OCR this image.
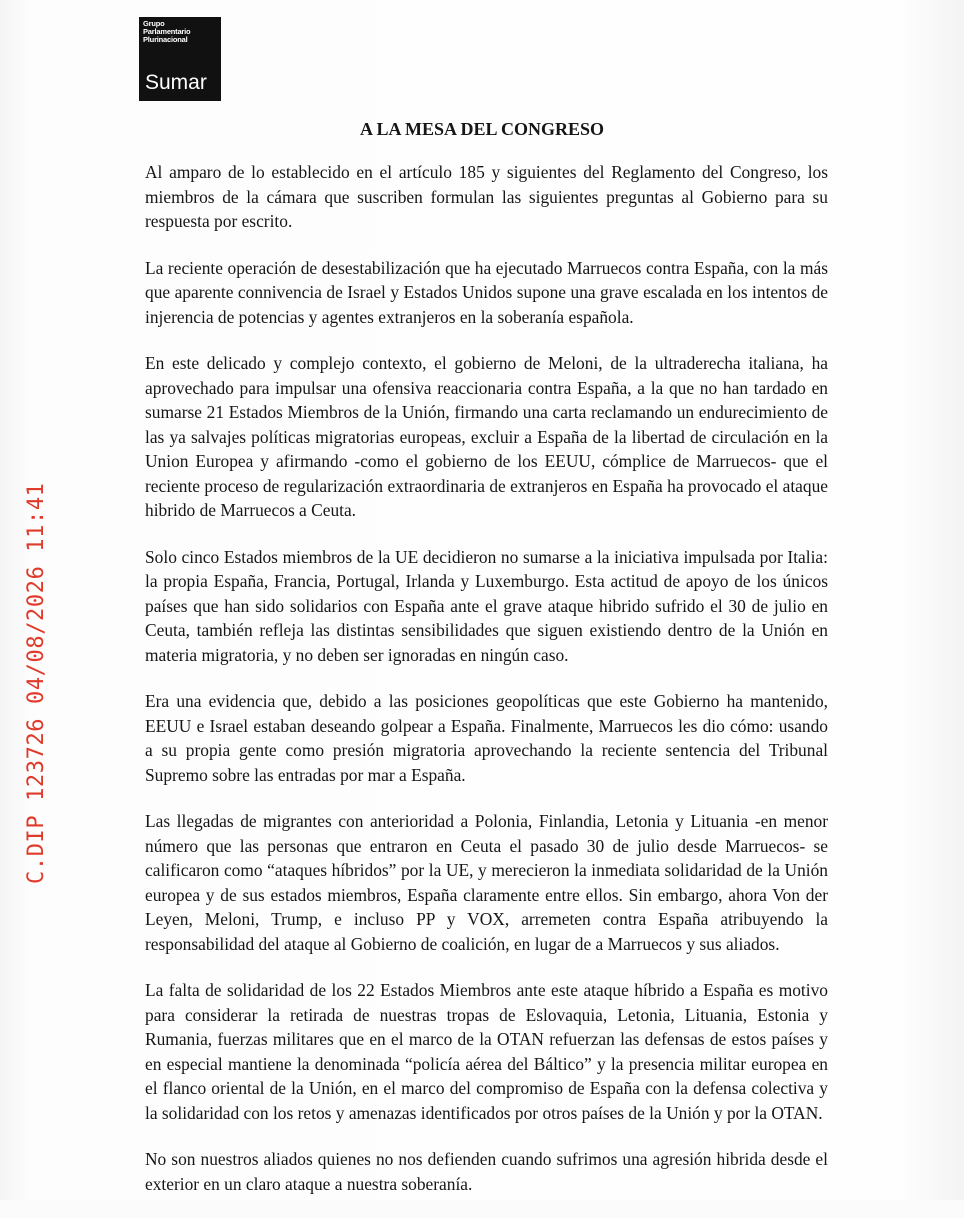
Grupo
Parlamentario
Plurinacional
Sumar
C.DIP 123726 04/08/2026 11:41
A LA MESA DEL CONGRESO

Al amparo de lo establecido en el artículo 185 y siguientes del Reglamento del Congreso, los miembros de la cámara que suscriben formulan las siguientes preguntas al Gobierno para su respuesta por escrito.

La reciente operación de desestabilización que ha ejecutado Marruecos contra España, con la más que aparente connivencia de Israel y Estados Unidos supone una grave escalada en los intentos de injerencia de potencias y agentes extranjeros en la soberanía española.

En este delicado y complejo contexto, el gobierno de Meloni, de la ultraderecha italiana, ha aprovechado para impulsar una ofensiva reaccionaria contra España, a la que no han tardado en sumarse 21 Estados Miembros de la Unión, firmando una carta reclamando un endurecimiento de las ya salvajes políticas migratorias europeas, excluir a España de la libertad de circulación en la Union Europea y afirmando -como el gobierno de los EEUU, cómplice de Marruecos- que el reciente proceso de regularización extraordinaria de extranjeros en España ha provocado el ataque hibrido de Marruecos a Ceuta.

Solo cinco Estados miembros de la UE decidieron no sumarse a la iniciativa impulsada por Italia: la propia España, Francia, Portugal, Irlanda y Luxemburgo. Esta actitud de apoyo de los únicos países que han sido solidarios con España ante el grave ataque hibrido sufrido el 30 de julio en Ceuta, también refleja las distintas sensibilidades que siguen existiendo dentro de la Unión en materia migratoria, y no deben ser ignoradas en ningún caso.

Era una evidencia que, debido a las posiciones geopolíticas que este Gobierno ha mantenido, EEUU e Israel estaban deseando golpear a España. Finalmente, Marruecos les dio cómo: usando a su propia gente como presión migratoria aprovechando la reciente sentencia del Tribunal Supremo sobre las entradas por mar a España.

Las llegadas de migrantes con anterioridad a Polonia, Finlandia, Letonia y Lituania -en menor número que las personas que entraron en Ceuta el pasado 30 de julio desde Marruecos- se calificaron como “ataques híbridos” por la UE, y merecieron la inmediata solidaridad de la Unión europea y de sus estados miembros, España claramente entre ellos. Sin embargo, ahora Von der Leyen, Meloni, Trump, e incluso PP y VOX, arremeten contra España atribuyendo la responsabilidad del ataque al Gobierno de coalición, en lugar de a Marruecos y sus aliados.

La falta de solidaridad de los 22 Estados Miembros ante este ataque híbrido a España es motivo para considerar la retirada de nuestras tropas de Eslovaquia, Letonia, Lituania, Estonia y Rumania, fuerzas militares que en el marco de la OTAN refuerzan las defensas de estos países y en especial mantiene la denominada “policía aérea del Báltico” y la presencia militar europea en el flanco oriental de la Unión, en el marco del compromiso de España con la defensa colectiva y la solidaridad con los retos y amenazas identificados por otros países de la Unión y por la OTAN.

No son nuestros aliados quienes no nos defienden cuando sufrimos una agresión hibrida desde el exterior en un claro ataque a nuestra soberanía.
